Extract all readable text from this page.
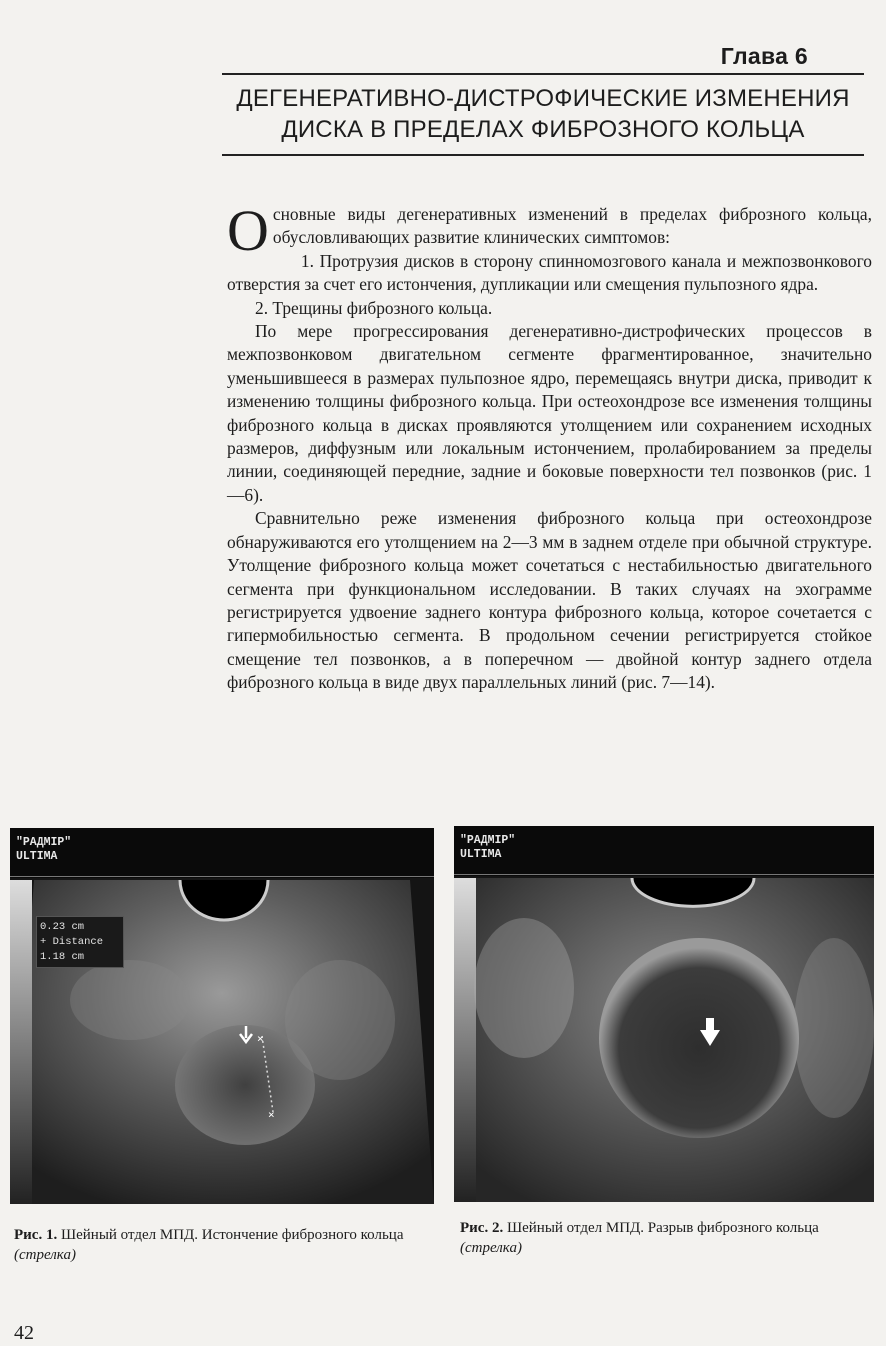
Глава 6
ДЕГЕНЕРАТИВНО-ДИСТРОФИЧЕСКИЕ ИЗМЕНЕНИЯ
ДИСКА В ПРЕДЕЛАХ ФИБРОЗНОГО КОЛЬЦА

Основные виды дегенеративных изменений в пределах фиброзного кольца, обусловливающих развитие клинических симптомов:

1. Протрузия дисков в сторону спинномозгового канала и межпозвонкового отверстия за счет его истончения, дупликации или смещения пульпозного ядра.

2. Трещины фиброзного кольца.

По мере прогрессирования дегенеративно-дистрофических процессов в межпозвонковом двигательном сегменте фрагментированное, значительно уменьшившееся в размерах пульпозное ядро, перемещаясь внутри диска, приводит к изменению толщины фиброзного кольца. При остеохондрозе все изменения толщины фиброзного кольца в дисках проявляются утолщением или сохранением исходных размеров, диффузным или локальным истончением, пролабированием за пределы линии, соединяющей передние, задние и боковые поверхности тел позвонков (рис. 1—6).

Сравнительно реже изменения фиброзного кольца при остеохондрозе обнаруживаются его утолщением на 2—3 мм в заднем отделе при обычной структуре. Утолщение фиброзного кольца может сочетаться с нестабильностью двигательного сегмента при функциональном исследовании. В таких случаях на эхограмме регистрируется удвоение заднего контура фиброзного кольца, которое сочетается с гипермобильностью сегмента. В продольном сечении регистрируется стойкое смещение тел позвонков, а в поперечном — двойной контур заднего отдела фиброзного кольца в виде двух параллельных линий (рис. 7—14).

"РАДМІР"
ULTIMA
×
×
0.23 cm
+ Distance
1.18 cm
Рис. 1. Шейный отдел МПД. Истончение фиброзного кольца (стрелка)
"РАДМІР"
ULTIMA
Рис. 2. Шейный отдел МПД. Разрыв фиброзного кольца (стрелка)
42
